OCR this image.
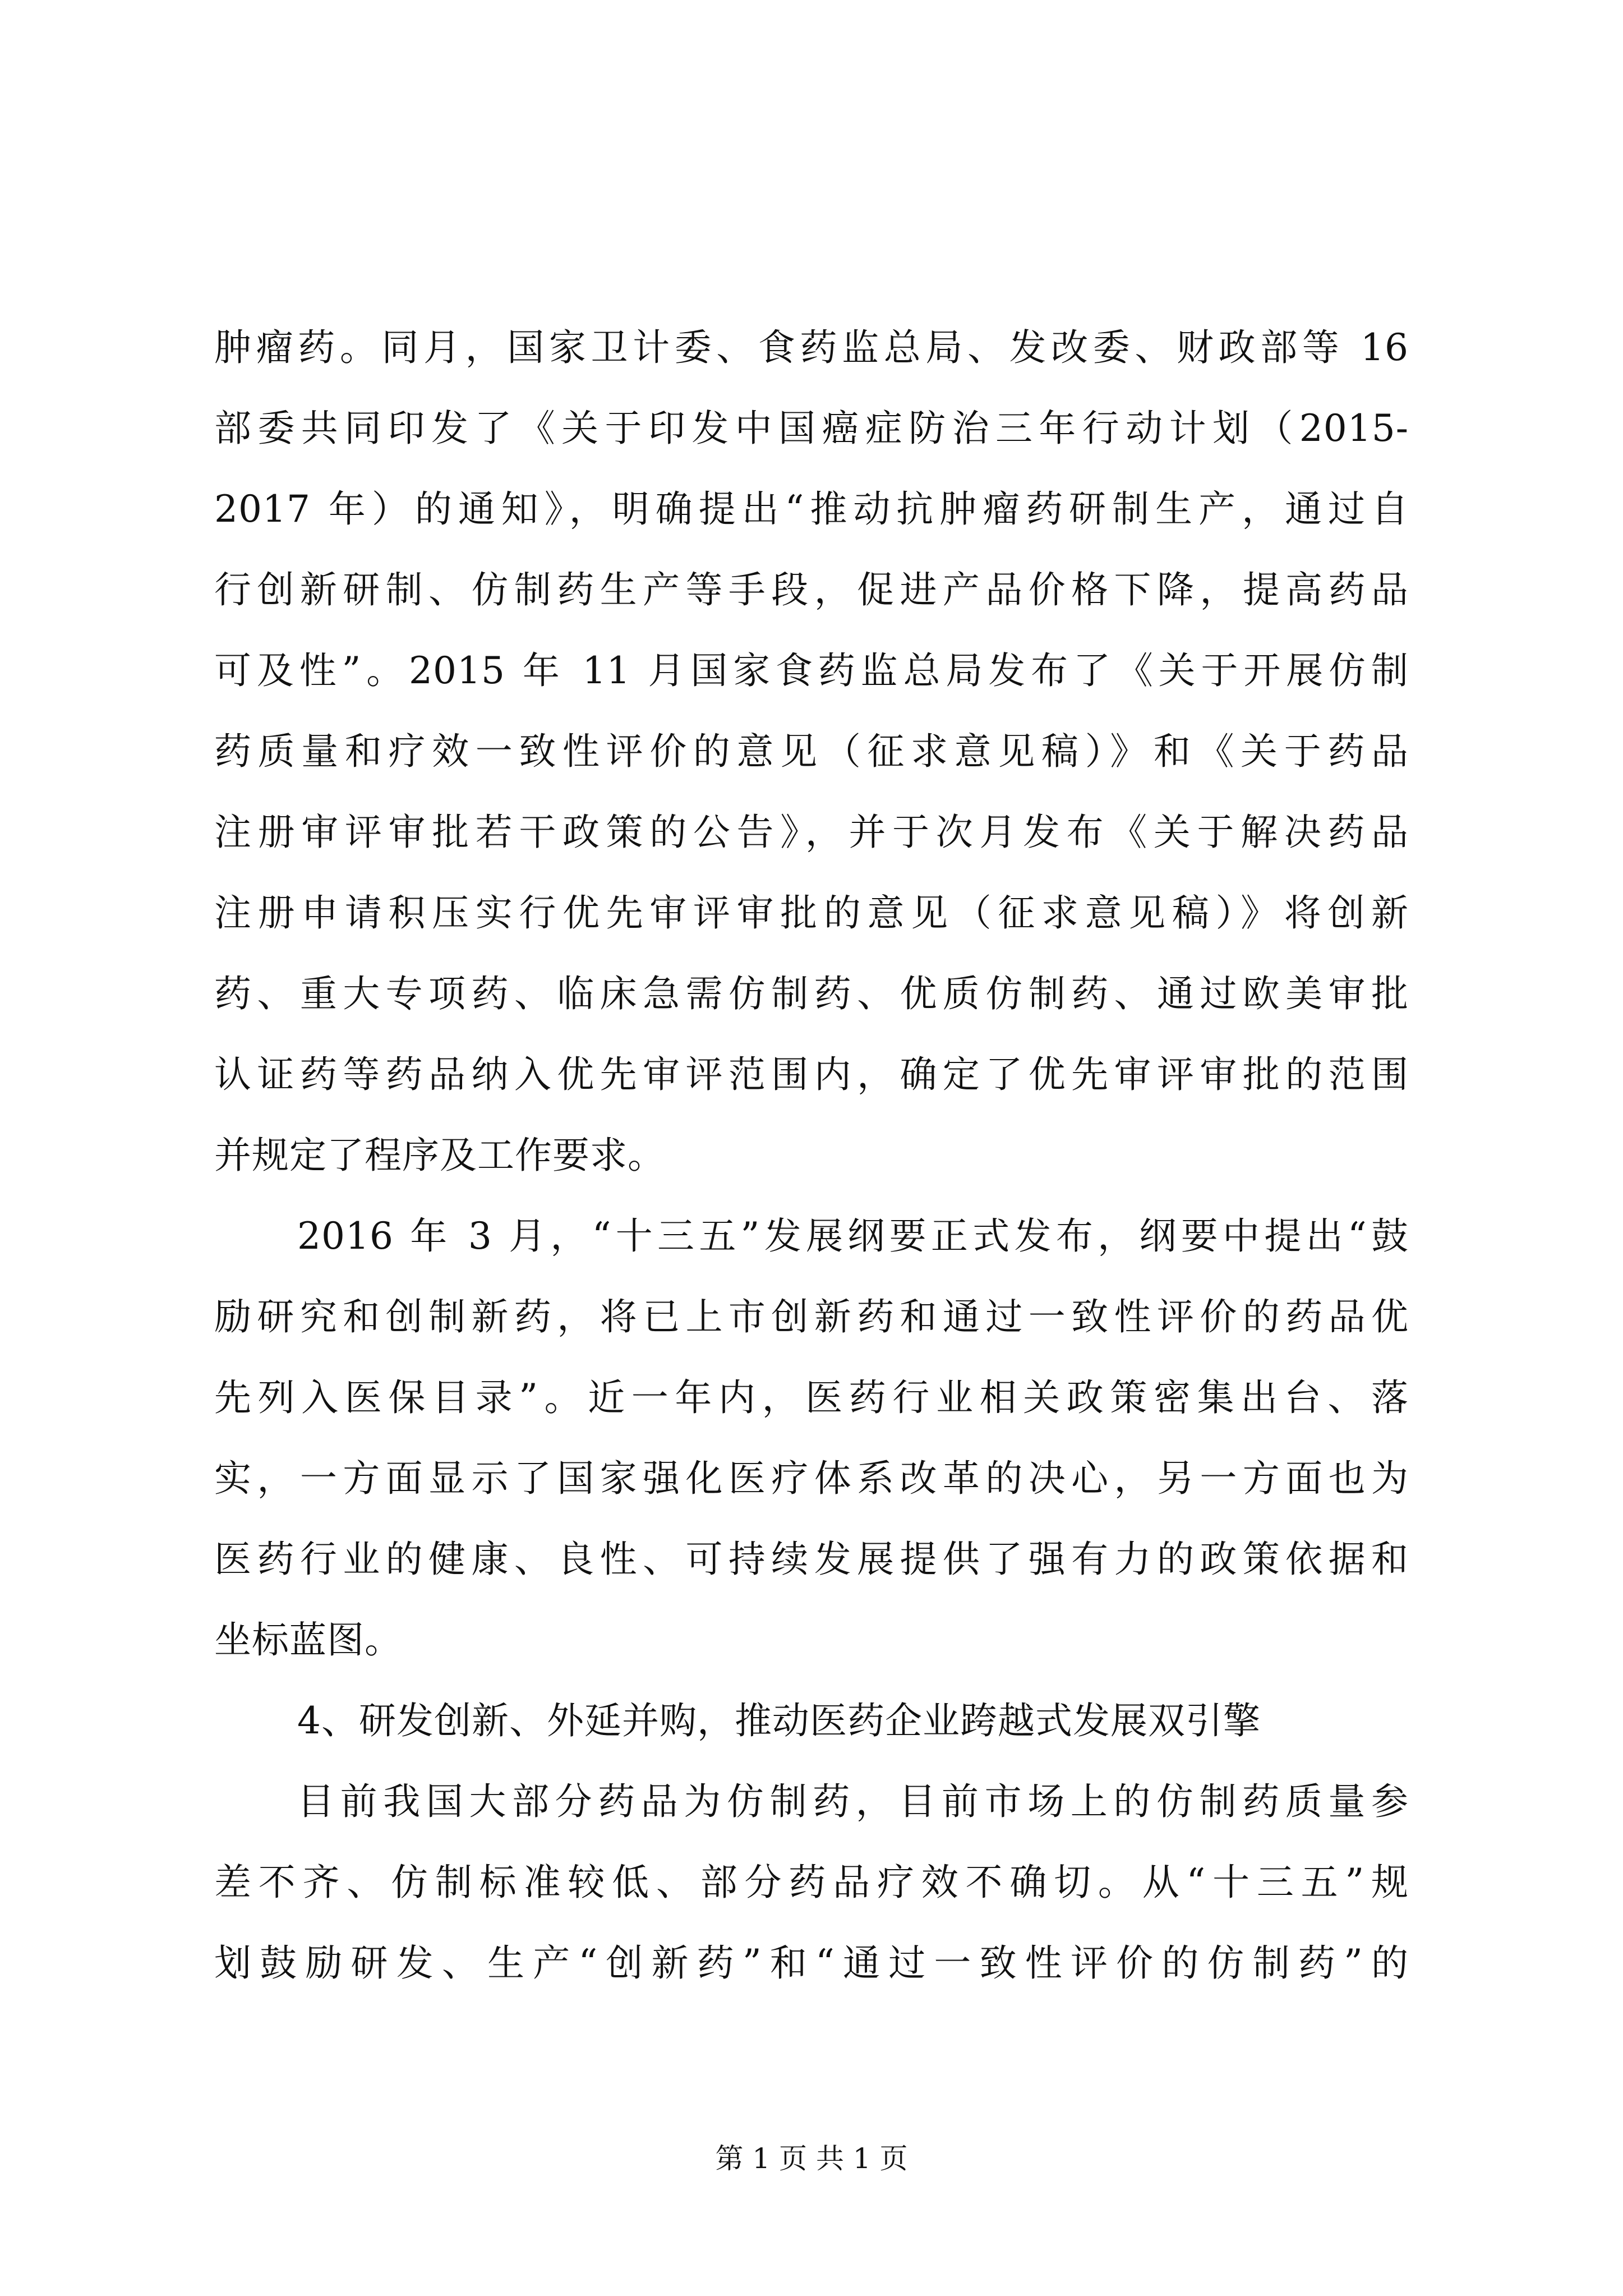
肿瘤药。同月，国家卫计委、食药监总局、发改委、财政部等 16
部委共同印发了《关于印发中国癌症防治三年行动计划（2015-
2017 年）的通知》，明确提出“推动抗肿瘤药研制生产，通过自
行创新研制、仿制药生产等手段，促进产品价格下降，提高药品
可及性”。2015 年 11 月国家食药监总局发布了《关于开展仿制
药质量和疗效一致性评价的意见（征求意见稿）》和《关于药品
注册审评审批若干政策的公告》，并于次月发布《关于解决药品
注册申请积压实行优先审评审批的意见（征求意见稿）》将创新
药、重大专项药、临床急需仿制药、优质仿制药、通过欧美审批
认证药等药品纳入优先审评范围内，确定了优先审评审批的范围
并规定了程序及工作要求。
2016 年 3 月，“十三五”发展纲要正式发布，纲要中提出“鼓
励研究和创制新药，将已上市创新药和通过一致性评价的药品优
先列入医保目录”。近一年内，医药行业相关政策密集出台、落
实，一方面显示了国家强化医疗体系改革的决心，另一方面也为
医药行业的健康、良性、可持续发展提供了强有力的政策依据和
坐标蓝图。
4、研发创新、外延并购，推动医药企业跨越式发展双引擎
目前我国大部分药品为仿制药，目前市场上的仿制药质量参
差不齐、仿制标准较低、部分药品疗效不确切。从“十三五”规
划鼓励研发、生产“创新药”和“通过一致性评价的仿制药”的
第 1 页 共 1 页
